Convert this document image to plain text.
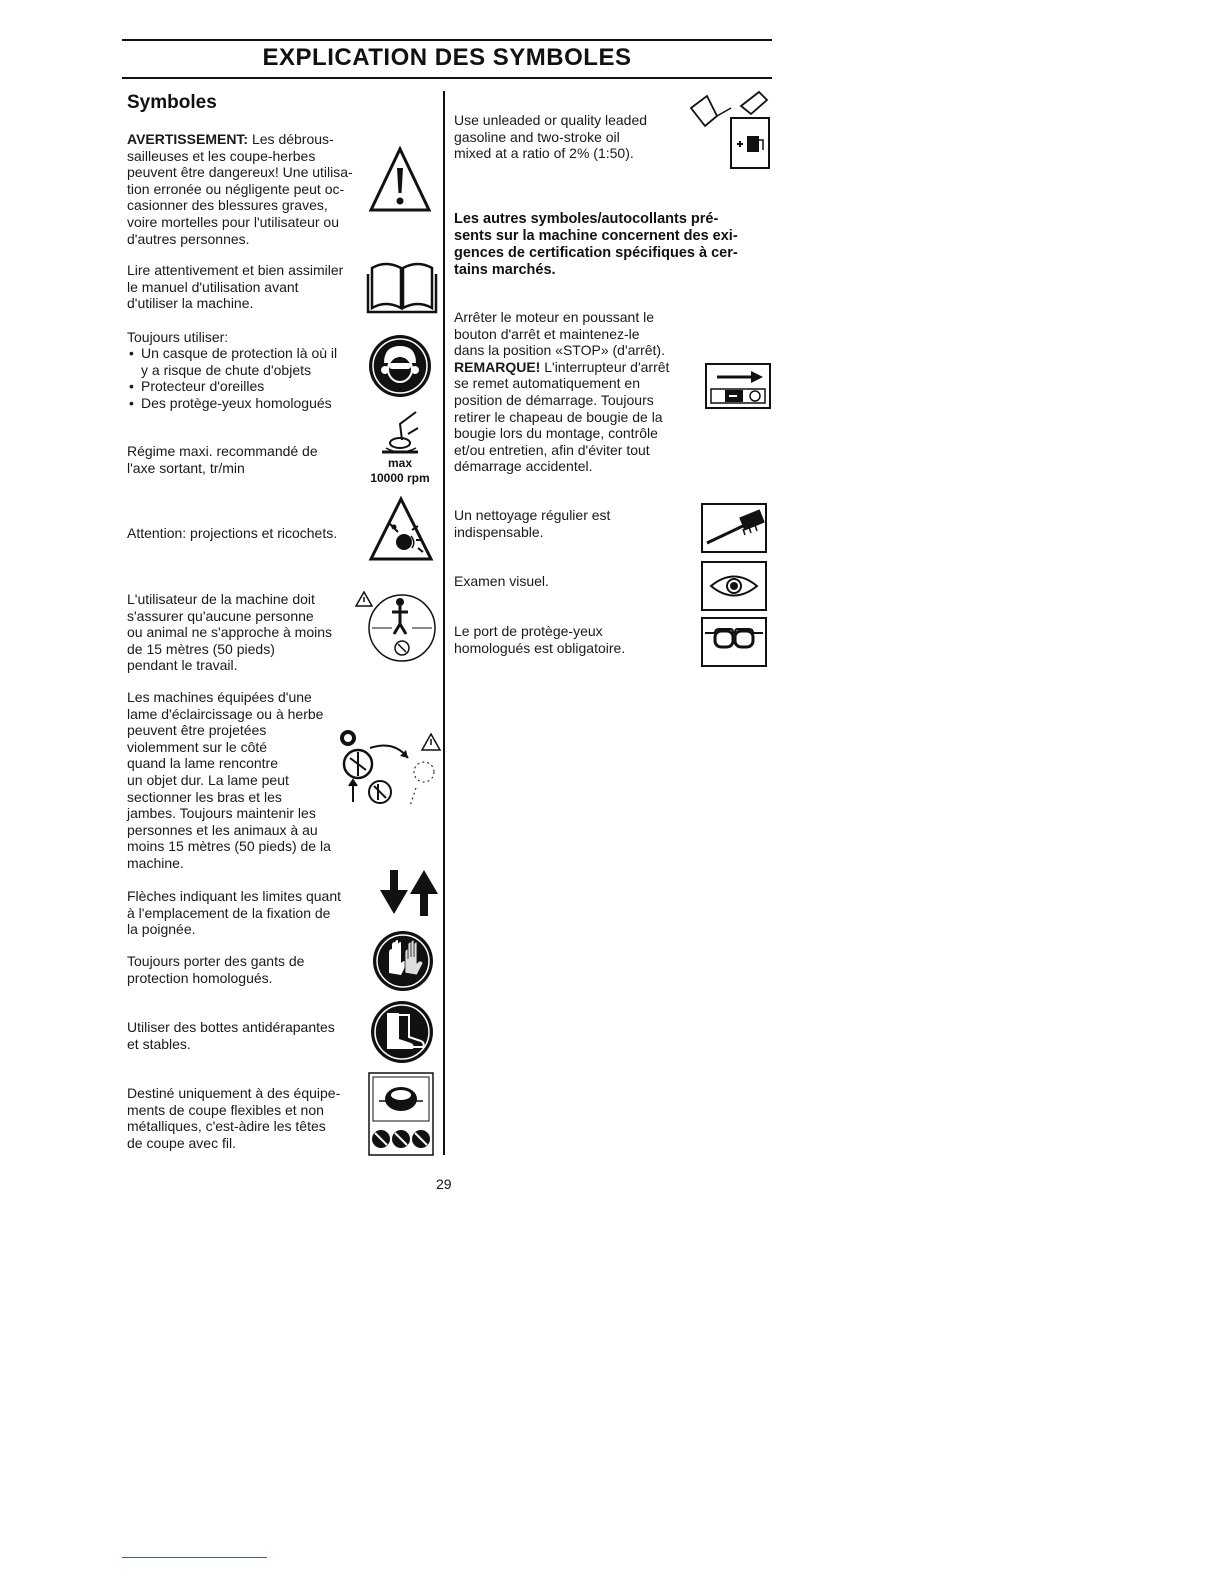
EXPLICATION DES SYMBOLES
Symboles
AVERTISSEMENT: Les débrous-
sailleuses et les coupe-herbes
peuvent être dangereux! Une utilisa-
tion erronée ou négligente peut oc-
casionner des blessures graves,
voire mortelles pour l'utilisateur ou
d'autres personnes.
Lire attentivement et bien assimiler
le manuel d'utilisation avant
d'utiliser la machine.
Toujours utiliser:
• Un casque de protection là où il
y a risque de chute d'objets
• Protecteur d'oreilles
• Des protège-yeux homologués
Régime maxi. recommandé de
l'axe sortant, tr/min	max
10000 rpm
Attention: projections et ricochets.
L'utilisateur de la machine doit
s'assurer qu'aucune personne
ou animal ne s'approche à moins
de 15 mètres (50 pieds)
pendant le travail.
Les machines équipées d'une
lame d'éclaircissage ou à herbe
peuvent être projetées
violemment sur le côté
quand la lame rencontre
un objet dur. La lame peut
sectionner les bras et les
jambes. Toujours maintenir les
personnes et les animaux à au
moins 15 mètres (50 pieds) de la
machine.
Flèches indiquant les limites quant
à l'emplacement de la fixation de
la poignée.
Toujours porter des gants de
protection homologués.
Utiliser des bottes antidérapantes
et stables.
Destiné uniquement à des équipe-
ments de coupe flexibles et non
métalliques, c'est-àdire les têtes
de coupe avec fil.
Use unleaded or quality leaded
gasoline and two-stroke oil
mixed at a ratio of 2% (1:50).
Les autres symboles/autocollants pré-
sents sur la machine concernent des exi-
gences de certification spécifiques à cer-
tains marchés.
Arrêter le moteur en poussant le
bouton d'arrêt et maintenez-le
dans la position «STOP» (d'arrêt).
REMARQUE! L'interrupteur d'arrêt
se remet automatiquement en
position de démarrage. Toujours
retirer le chapeau de bougie de la
bougie lors du montage, contrôle
et/ou entretien, afin d'éviter tout
démarrage accidentel.
Un nettoyage régulier est
indispensable.
Examen visuel.
Le port de protège-yeux
homologués est obligatoire.
29
